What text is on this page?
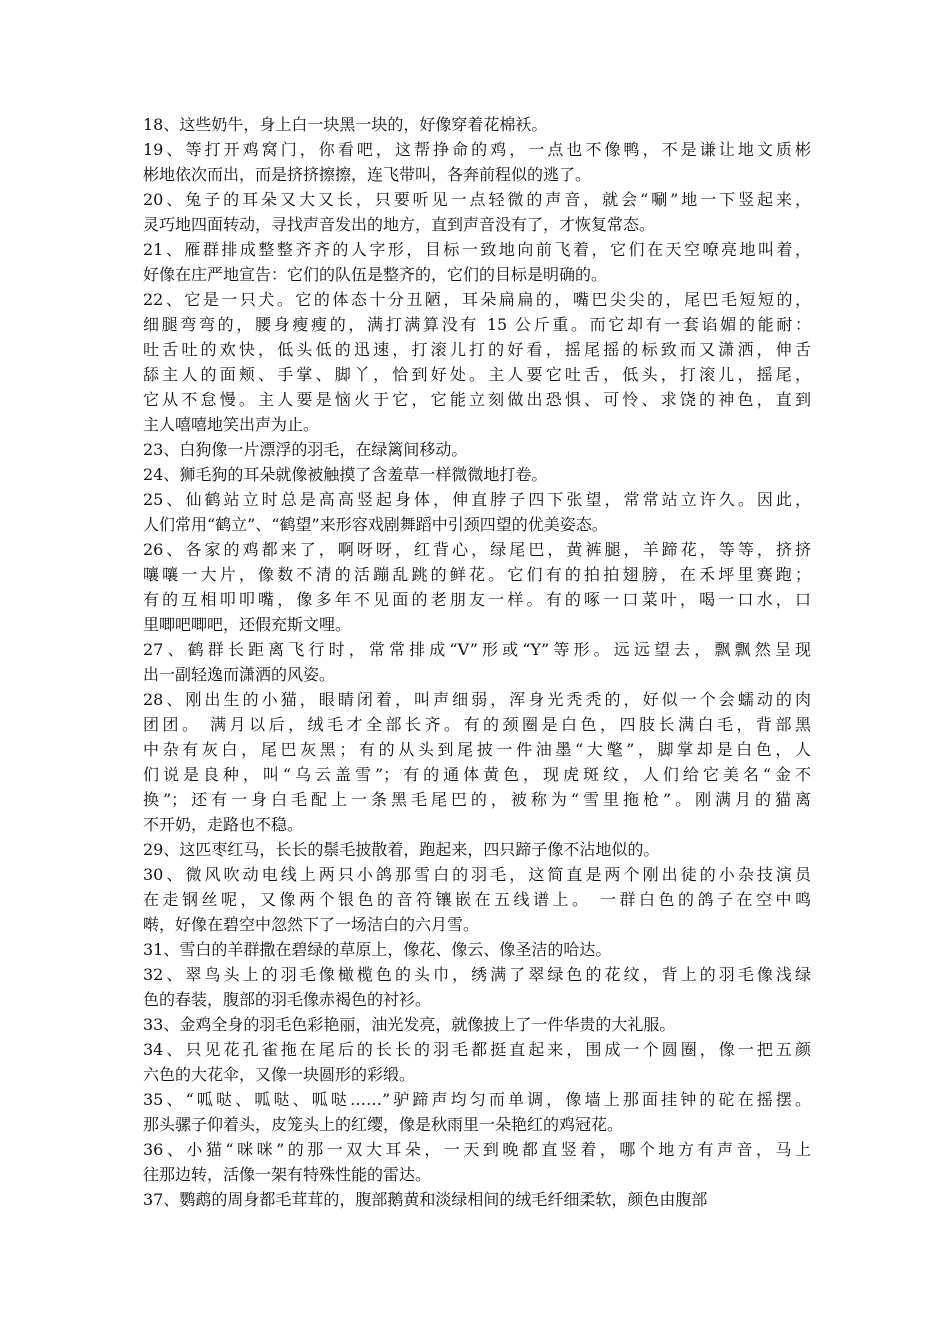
18、这些奶牛，身上白一块黑一块的，好像穿着花棉袄。
19、等打开鸡窝门，你看吧，这帮挣命的鸡，一点也不像鸭，不是谦让地文质彬
彬地依次而出，而是挤挤擦擦，连飞带叫，各奔前程似的逃了。
20、兔子的耳朵又大又长，只要听见一点轻微的声音，就会“唰”地一下竖起来，
灵巧地四面转动，寻找声音发出的地方，直到声音没有了，才恢复常态。
21、雁群排成整整齐齐的人字形，目标一致地向前飞着，它们在天空嘹亮地叫着，
好像在庄严地宣告：它们的队伍是整齐的，它们的目标是明确的。
22、它是一只犬。它的体态十分丑陋，耳朵扁扁的，嘴巴尖尖的，尾巴毛短短的，
细腿弯弯的，腰身瘦瘦的，满打满算没有 15 公斤重。而它却有一套谄媚的能耐：
吐舌吐的欢快，低头低的迅速，打滚儿打的好看，摇尾摇的标致而又潇洒，伸舌
舔主人的面颊、手掌、脚丫，恰到好处。主人要它吐舌，低头，打滚儿，摇尾，
它从不怠慢。主人要是恼火于它，它能立刻做出恐惧、可怜、求饶的神色，直到
主人嘻嘻地笑出声为止。
23、白狗像一片漂浮的羽毛，在绿篱间移动。
24、狮毛狗的耳朵就像被触摸了含羞草一样微微地打卷。
25、仙鹤站立时总是高高竖起身体，伸直脖子四下张望，常常站立许久。因此，
人们常用“鹤立”、“鹤望”来形容戏剧舞蹈中引颈四望的优美姿态。
26、各家的鸡都来了，啊呀呀，红背心，绿尾巴，黄裤腿，羊蹄花，等等，挤挤
嚷嚷一大片，像数不清的活蹦乱跳的鲜花。它们有的拍拍翅膀，在禾坪里赛跑；
有的互相叩叩嘴，像多年不见面的老朋友一样。有的啄一口菜叶，喝一口水，口
里唧吧唧吧，还假充斯文哩。
27、鹤群长距离飞行时，常常排成“V”形或“Y”等形。远远望去，飘飘然呈现
出一副轻逸而潇洒的风姿。
28、刚出生的小猫，眼睛闭着，叫声细弱，浑身光秃秃的，好似一个会蠕动的肉
团团。 满月以后，绒毛才全部长齐。有的颈圈是白色，四肢长满白毛，背部黑
中杂有灰白，尾巴灰黑；有的从头到尾披一件油墨“大氅”，脚掌却是白色，人
们说是良种，叫“乌云盖雪”；有的通体黄色，现虎斑纹，人们给它美名“金不
换”；还有一身白毛配上一条黑毛尾巴的，被称为“雪里拖枪”。刚满月的猫离
不开奶，走路也不稳。
29、这匹枣红马，长长的鬃毛披散着，跑起来，四只蹄子像不沾地似的。
30、微风吹动电线上两只小鸽那雪白的羽毛，这简直是两个刚出徒的小杂技演员
在走钢丝呢，又像两个银色的音符镶嵌在五线谱上。 一群白色的鸽子在空中鸣
啭，好像在碧空中忽然下了一场洁白的六月雪。
31、雪白的羊群撒在碧绿的草原上，像花、像云、像圣洁的哈达。
32、翠鸟头上的羽毛像橄榄色的头巾，绣满了翠绿色的花纹，背上的羽毛像浅绿
色的春装，腹部的羽毛像赤褐色的衬衫。
33、金鸡全身的羽毛色彩艳丽，油光发亮，就像披上了一件华贵的大礼服。
34、只见花孔雀拖在尾后的长长的羽毛都挺直起来，围成一个圆圈，像一把五颜
六色的大花伞，又像一块圆形的彩缎。
35、“呱哒、呱哒、呱哒……”驴蹄声均匀而单调，像墙上那面挂钟的砣在摇摆。
那头骡子仰着头，皮笼头上的红缨，像是秋雨里一朵艳红的鸡冠花。
36、小猫“咪咪”的那一双大耳朵，一天到晚都直竖着，哪个地方有声音，马上
往那边转，活像一架有特殊性能的雷达。
37、鹦鹉的周身都毛茸茸的，腹部鹅黄和淡绿相间的绒毛纤细柔软，颜色由腹部
